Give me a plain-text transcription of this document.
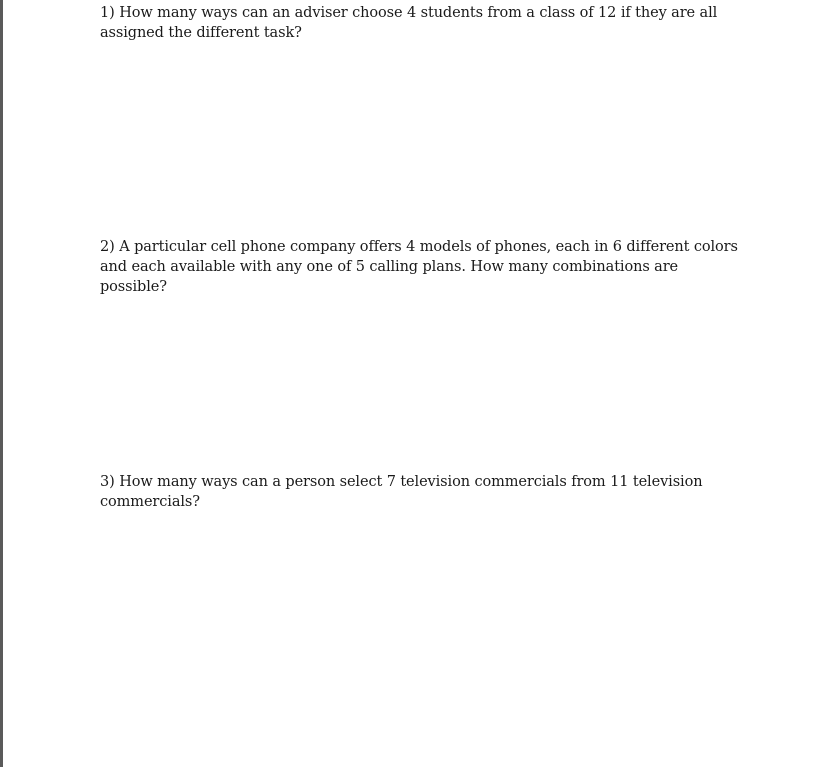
1) How many ways can an adviser choose 4 students from a class of 12 if they are all assigned the different task?

2) A particular cell phone company offers 4 models of phones, each in 6 different colors and each available with any one of 5 calling plans. How many combinations are possible?

3) How many ways can a person select 7 television commercials from 11 television commercials?
